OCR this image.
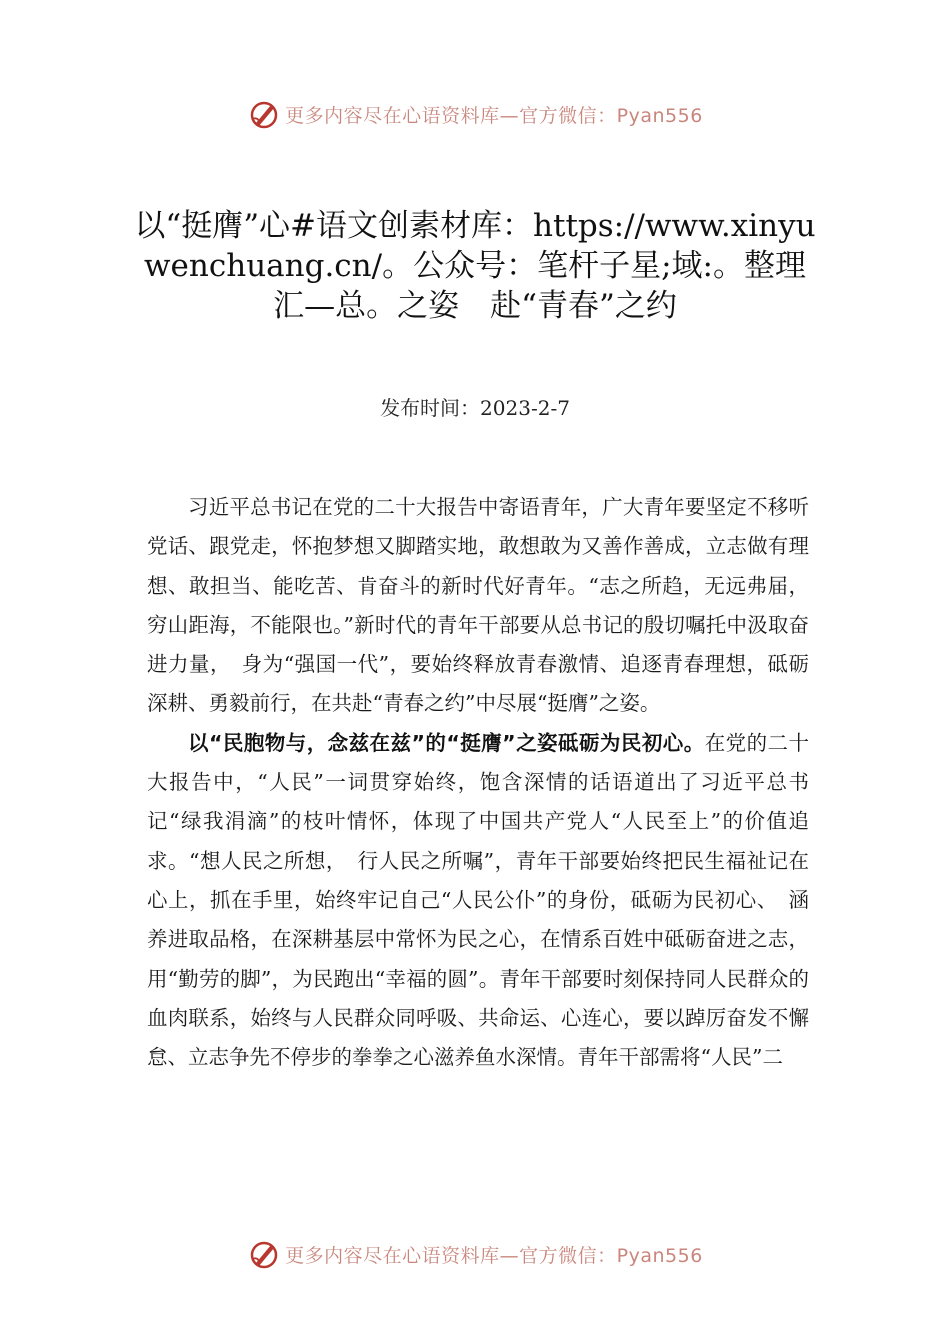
更多内容尽在心语资料库—官方微信：Pyan556
以“挺膺”心#语文创素材库：https://www.xinyuwenchuang.cn/。公众号：笔杆子星;域:。整理汇—总。之姿　赴“青春”之约
发布时间：2023-2-7

习近平总书记在党的二十大报告中寄语青年，广大青年要坚定不移听党话、跟党走，怀抱梦想又脚踏实地，敢想敢为又善作善成，立志做有理想、敢担当、能吃苦、肯奋斗的新时代好青年。“志之所趋，无远弗届，穷山距海，不能限也。”新时代的青年干部要从总书记的殷切嘱托中汲取奋进力量，　身为“强国一代”，要始终释放青春激情、追逐青春理想，砥砺深耕、勇毅前行，在共赴“青春之约”中尽展“挺膺”之姿。

以“民胞物与，念兹在兹”的“挺膺”之姿砥砺为民初心。在党的二十大报告中，“人民”一词贯穿始终，饱含深情的话语道出了习近平总书记“绿我涓滴”的枝叶情怀，体现了中国共产党人“人民至上”的价值追求。“想人民之所想，　行人民之所嘱”，青年干部要始终把民生福祉记在心上，抓在手里，始终牢记自己“人民公仆”的身份，砥砺为民初心、　涵养进取品格，在深耕基层中常怀为民之心，在情系百姓中砥砺奋进之志，用“勤劳的脚”，为民跑出“幸福的圆”。青年干部要时刻保持同人民群众的血肉联系，始终与人民群众同呼吸、共命运、心连心，要以踔厉奋发不懈怠、立志争先不停步的拳拳之心滋养鱼水深情。青年干部需将“人民”二

更多内容尽在心语资料库—官方微信：Pyan556
